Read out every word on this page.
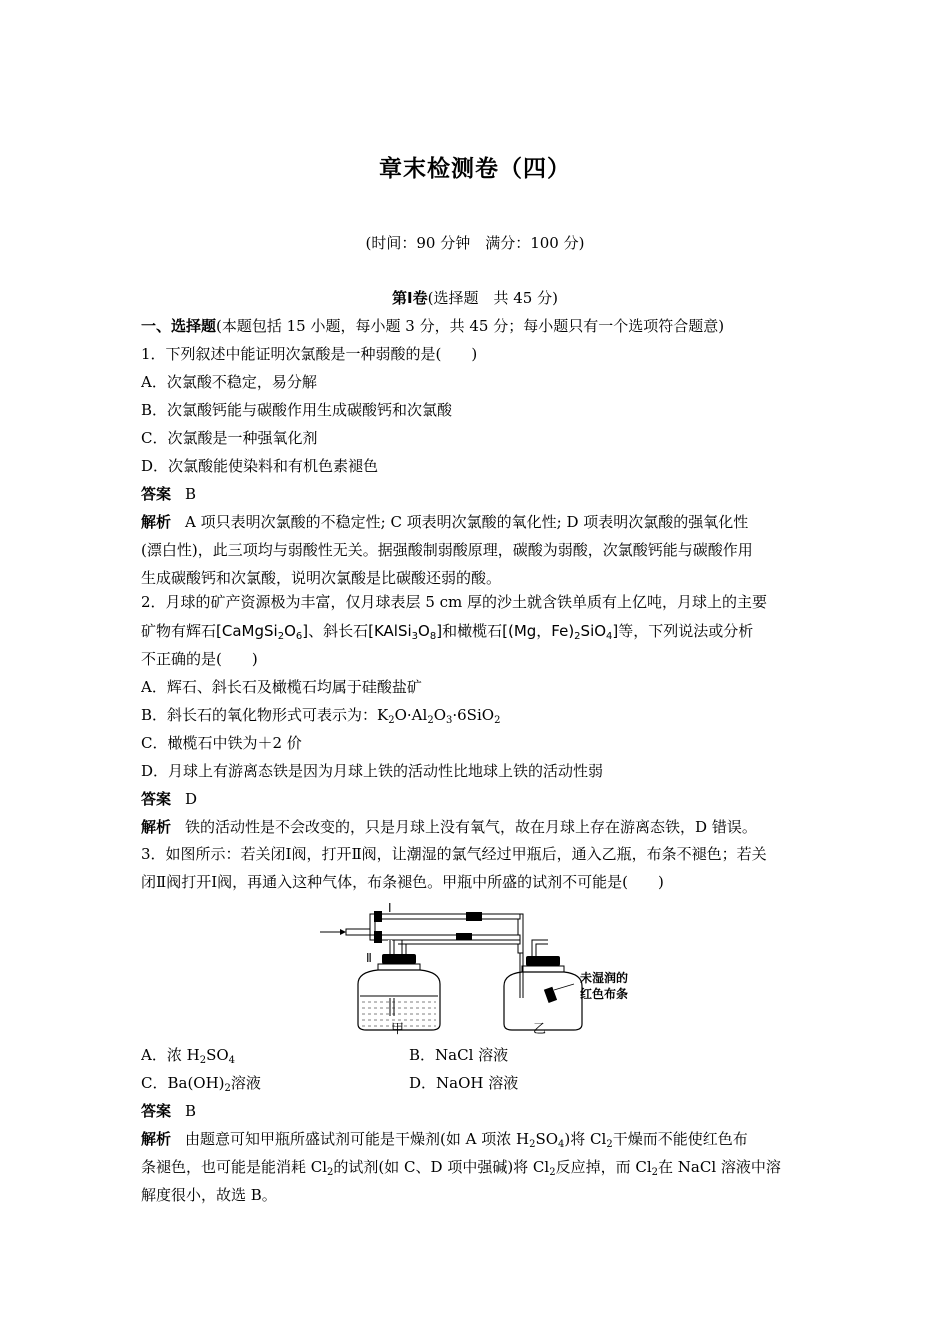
章末检测卷（四）
(时间：90 分钟　满分：100 分)
第Ⅰ卷(选择题　共 45 分)
一、选择题(本题包括 15 小题，每小题 3 分，共 45 分；每小题只有一个选项符合题意)
1．下列叙述中能证明次氯酸是一种弱酸的是(　　)
A．次氯酸不稳定，易分解
B．次氯酸钙能与碳酸作用生成碳酸钙和次氯酸
C．次氯酸是一种强氧化剂
D．次氯酸能使染料和有机色素褪色
答案 B
解析 A 项只表明次氯酸的不稳定性; C 项表明次氯酸的氧化性; D 项表明次氯酸的强氧化性
(漂白性)，此三项均与弱酸性无关。据强酸制弱酸原理，碳酸为弱酸，次氯酸钙能与碳酸作用
生成碳酸钙和次氯酸，说明次氯酸是比碳酸还弱的酸。
2．月球的矿产资源极为丰富，仅月球表层 5 cm 厚的沙土就含铁单质有上亿吨，月球上的主要
矿物有辉石$[CaMgSi_2O_6]$、斜长石$[KAlSi_3O_8]$和橄榄石[(Mg，$Fe)_2SiO_4$]等，下列说法或分析
不正确的是(　　)
A．辉石、斜长石及橄榄石均属于硅酸盐矿
B．斜长石的氧化物形式可表示为：$K_2O\cdot Al_2O_3\cdot 6SiO_2$
C．橄榄石中铁为＋2 价
D．月球上有游离态铁是因为月球上铁的活动性比地球上铁的活动性弱
答案 D
解析 铁的活动性是不会改变的，只是月球上没有氧气，故在月球上存在游离态铁，D 错误。
3．如图所示：若关闭Ⅰ阀，打开Ⅱ阀，让潮湿的氯气经过甲瓶后，通入乙瓶，布条不褪色；若关
闭Ⅱ阀打开Ⅰ阀，再通入这种气体，布条褪色。甲瓶中所盛的试剂不可能是(　　)
Ⅰ
Ⅱ
未湿润的
红色布条
甲	乙
A．浓 $H_2SO_4$	B．NaCl 溶液
C．$Ba(OH)_2$溶液	D．NaOH 溶液
答案 B
解析 由题意可知甲瓶所盛试剂可能是干燥剂(如 A 项浓 $H_2SO_4$)将 $Cl_2$干燥而不能使红色布
条褪色，也可能是能消耗 $Cl_2$的试剂(如 C、D 项中强碱)将 $Cl_2$反应掉，而 $Cl_2$在 NaCl 溶液中溶
解度很小，故选 B。
